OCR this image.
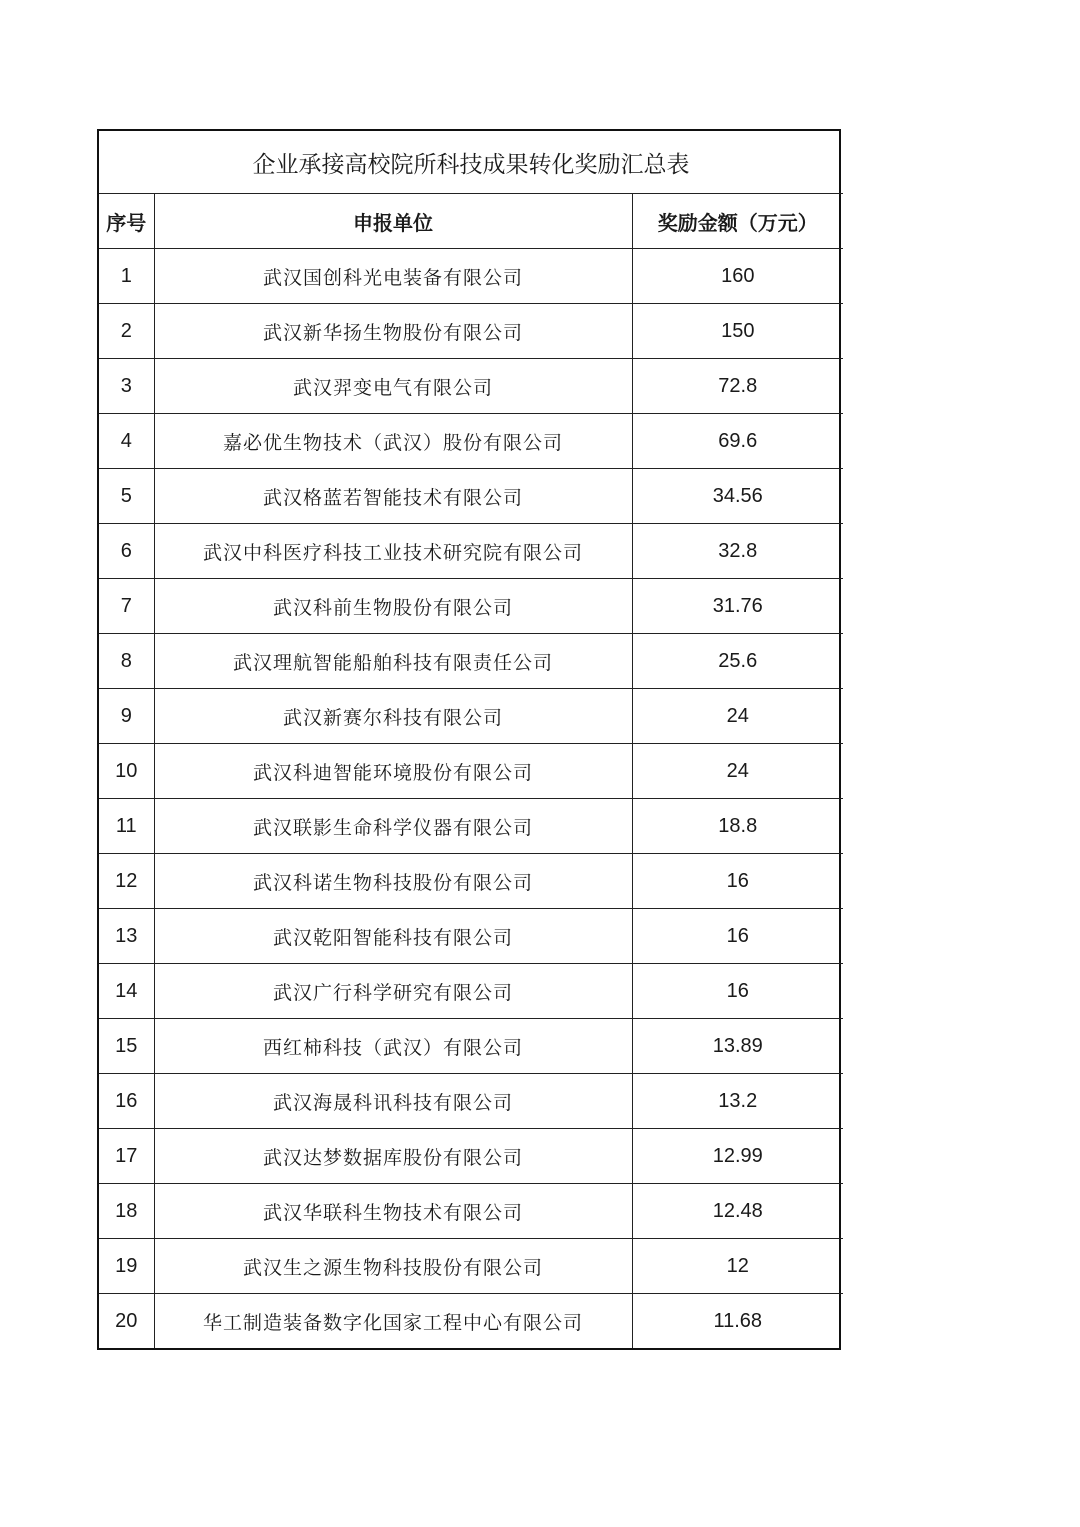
企业承接高校院所科技成果转化奖励汇总表		
序号	申报单位	奖励金额（万元）
1	武汉国创科光电装备有限公司	160
2	武汉新华扬生物股份有限公司	150
3	武汉羿变电气有限公司	72.8
4	嘉必优生物技术（武汉）股份有限公司	69.6
5	武汉格蓝若智能技术有限公司	34.56
6	武汉中科医疗科技工业技术研究院有限公司	32.8
7	武汉科前生物股份有限公司	31.76
8	武汉理航智能船舶科技有限责任公司	25.6
9	武汉新赛尔科技有限公司	24
10	武汉科迪智能环境股份有限公司	24
11	武汉联影生命科学仪器有限公司	18.8
12	武汉科诺生物科技股份有限公司	16
13	武汉乾阳智能科技有限公司	16
14	武汉广行科学研究有限公司	16
15	西红柿科技（武汉）有限公司	13.89
16	武汉海晟科讯科技有限公司	13.2
17	武汉达梦数据库股份有限公司	12.99
18	武汉华联科生物技术有限公司	12.48
19	武汉生之源生物科技股份有限公司	12
20	华工制造装备数字化国家工程中心有限公司	11.68
